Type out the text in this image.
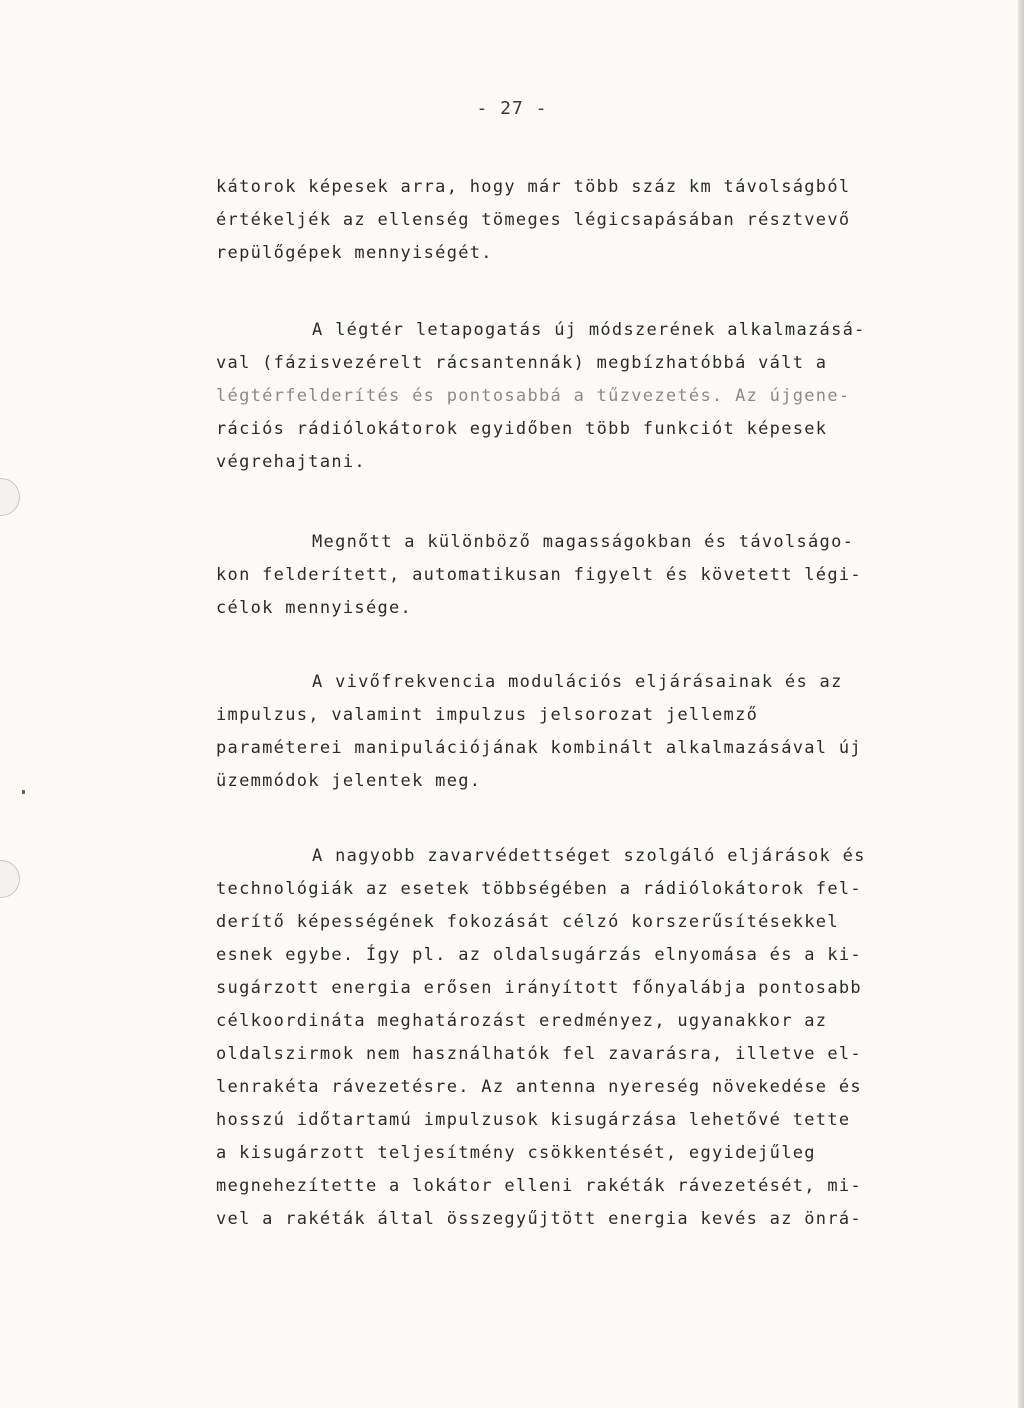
- 27 -
kátorok képesek arra, hogy már több száz km távolságból
értékeljék az ellenség tömeges légicsapásában résztvevő
repülőgépek mennyiségét.
A légtér letapogatás új módszerének alkalmazásá-
val (fázisvezérelt rácsantennák) megbízhatóbbá vált a
légtérfelderítés és pontosabbá a tűzvezetés. Az újgene-
rációs rádiólokátorok egyidőben több funkciót képesek
végrehajtani.
Megnőtt a különböző magasságokban és távolságo-
kon felderített, automatikusan figyelt és követett légi-
célok mennyisége.
A vivőfrekvencia modulációs eljárásainak és az
impulzus, valamint impulzus jelsorozat jellemző
paraméterei manipulációjának kombinált alkalmazásával új
üzemmódok jelentek meg.
A nagyobb zavarvédettséget szolgáló eljárások és
technológiák az esetek többségében a rádiólokátorok fel-
derítő képességének fokozását célzó korszerűsítésekkel
esnek egybe. Így pl. az oldalsugárzás elnyomása és a ki-
sugárzott energia erősen irányított főnyalábja pontosabb
célkoordináta meghatározást eredményez, ugyanakkor az
oldalszirmok nem használhatók fel zavarásra, illetve el-
lenrakéta rávezetésre. Az antenna nyereség növekedése és
hosszú időtartamú impulzusok kisugárzása lehetővé tette
a kisugárzott teljesítmény csökkentését, egyidejűleg
megnehezítette a lokátor elleni rakéták rávezetését, mi-
vel a rakéták által összegyűjtött energia kevés az önrá-
